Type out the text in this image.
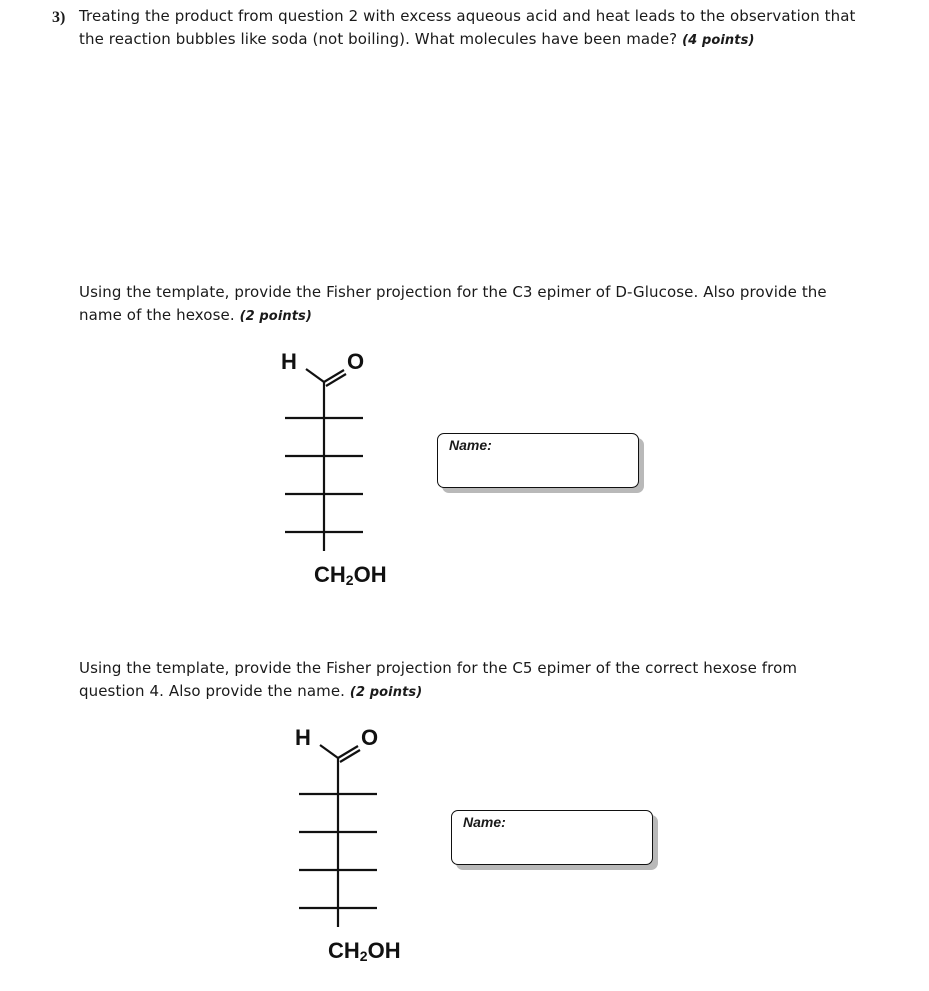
3) Treating the product from question 2 with excess aqueous acid and heat leads to the observation that
the reaction bubbles like soda (not boiling). What molecules have been made? (4 points)
Using the template, provide the Fisher projection for the C3 epimer of D-Glucose. Also provide the
name of the hexose. (2 points)
H O
$CH_2OH$
Name:
Using the template, provide the Fisher projection for the C5 epimer of the correct hexose from
question 4. Also provide the name. (2 points)
H O
$CH_2OH$
Name:
